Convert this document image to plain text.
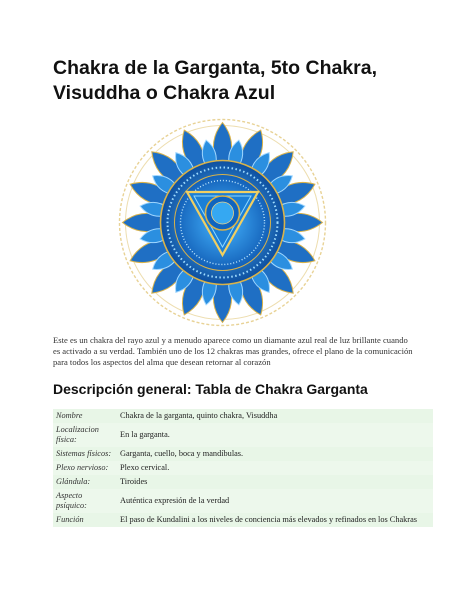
Chakra de la Garganta, 5to Chakra, Visuddha o Chakra Azul

Este es un chakra del rayo azul y a menudo aparece como un diamante azul real de luz brillante cuando es activado a su verdad. También uno de los 12 chakras mas grandes, ofrece el plano de la comunicación para todos los aspectos del alma que desean retornar al corazón

Descripción general: Tabla de Chakra Garganta
Nombre	Chakra de la garganta, quinto chakra, Visuddha
Localizacion física:	En la garganta.
Sistemas físicos:	Garganta, cuello, boca y mandíbulas.
Plexo nervioso:	Plexo cervical.
Glándula:	Tiroides
Aspecto psíquico:	Auténtica expresión de la verdad
Función	El paso de Kundalini a los niveles de conciencia más elevados y refinados en los Chakras
